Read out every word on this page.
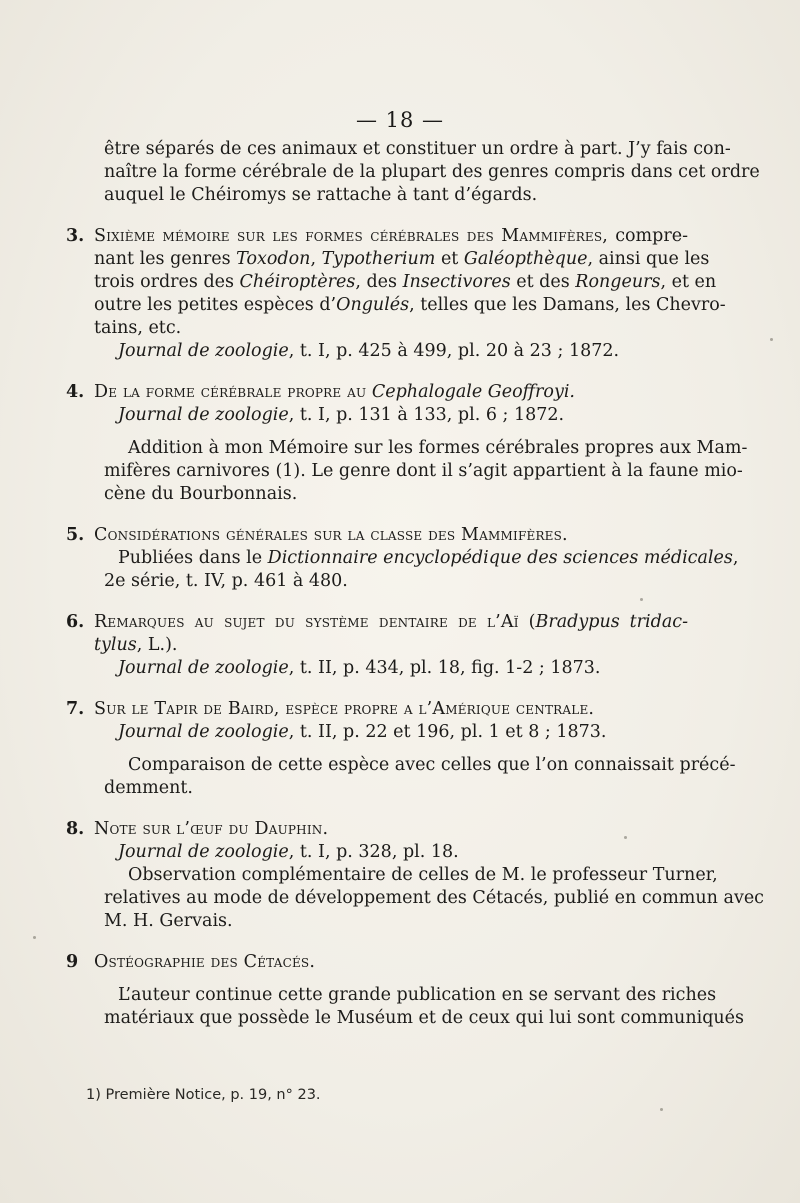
— 18 —
être séparés de ces animaux et constituer un ordre à part. J’y fais con-
naître la forme cérébrale de la plupart des genres compris dans cet ordre
auquel le Chéiromys se rattache à tant d’égards.
3. Sixième mémoire sur les formes cérébrales des Mammifères, compre-
nant les genres Toxodon, Typotherium et Galéopthèque, ainsi que les
trois ordres des Chéiroptères, des Insectivores et des Rongeurs, et en
outre les petites espèces d’Ongulés, telles que les Damans, les Chevro-
tains, etc.
Journal de zoologie, t. I, p. 425 à 499, pl. 20 à 23 ; 1872.
4. De la forme cérébrale propre au Cephalogale Geoffroyi.
Journal de zoologie, t. I, p. 131 à 133, pl. 6 ; 1872.
Addition à mon Mémoire sur les formes cérébrales propres aux Mam-
mifères carnivores (1). Le genre dont il s’agit appartient à la faune mio-
cène du Bourbonnais.
5. Considérations générales sur la classe des Mammifères.
Publiées dans le Dictionnaire encyclopédique des sciences médicales,
2e série, t. IV, p. 461 à 480.
6. Remarques au sujet du système dentaire de l’Aï (Bradypus tridac-
tylus, L.).
Journal de zoologie, t. II, p. 434, pl. 18, fig. 1-2 ; 1873.
7. Sur le Tapir de Baird, espèce propre a l’Amérique centrale.
Journal de zoologie, t. II, p. 22 et 196, pl. 1 et 8 ; 1873.
Comparaison de cette espèce avec celles que l’on connaissait précé-
demment.
8. Note sur l’œuf du Dauphin.
Journal de zoologie, t. I, p. 328, pl. 18.
Observation complémentaire de celles de M. le professeur Turner,
relatives au mode de développement des Cétacés, publié en commun avec
M. H. Gervais.
9 Ostéographie des Cétacés.
L’auteur continue cette grande publication en se servant des riches
matériaux que possède le Muséum et de ceux qui lui sont communiqués
1) Première Notice, p. 19, n° 23.
